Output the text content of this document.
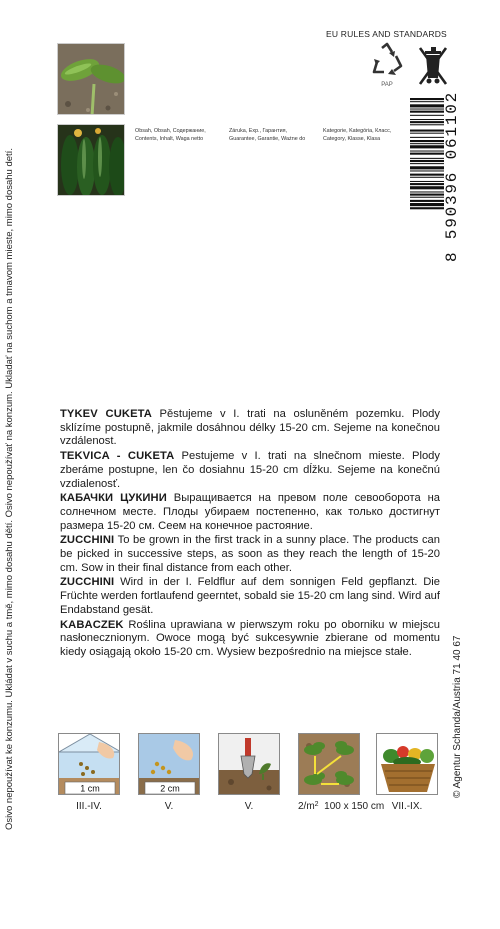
Osivo nepoužívat ke konzumu. Ukládat v suchu a tmě, mimo dosahu dětí. Osivo nepoužívať na konzum. Ukladať na suchom a tmavom mieste, mimo dosahu detí.
Obsah, Obsah, Содержание,
Contents, Inhalt, Waga netto
Záruka, Exp., Гарантия,
Guarantee, Garantie, Ważne do
Kategorie, Kategória, Класс,
Category, Klasse, Klasa
EU RULES AND STANDARDS
PAP
8 590396 061102
© Agentur Schanda/Austria 71 40 67

TYKEV CUKETA Pěstujeme v I. trati na osluněném pozemku. Plody sklízíme postupně, jakmile dosáhnou délky 15-20 cm. Sejeme na konečnou vzdálenost.

TEKVICA - CUKETA Pestujeme v I. trati na slnečnom mieste. Plody zberáme postupne, len čo dosiahnu 15-20 cm dĺžku. Sejeme na konečnú vzdialenosť.

КАБАЧКИ ЦУКИНИ Выращивается на превом поле севооборота на солнечном месте. Плоды убираем постепенно, как только достигнут размера 15-20 см. Сеем на конечное растояние.

ZUCCHINI To be grown in the first track in a sunny place. The products can be picked in successive steps, as soon as they reach the length of 15-20 cm. Sow in their final distance from each other.

ZUCCHINI Wird in der I. Feldflur auf dem sonnigen Feld gepflanzt. Die Früchte werden fortlaufend geerntet, sobald sie 15-20 cm lang sind. Wird auf Endabstand gesät.

KABACZEK Roślina uprawiana w pierwszym roku po oborniku w miejscu nasłonecznionym. Owoce mogą być sukcesywnie zbierane od momentu kiedy osiągają około 15-20 cm. Wysiew bezpośrednio na miejsce stałe.

1 cm
III.-IV.
2 cm
V.	V.	$2/m^2$  100 x 150 cm VII.-IX.
